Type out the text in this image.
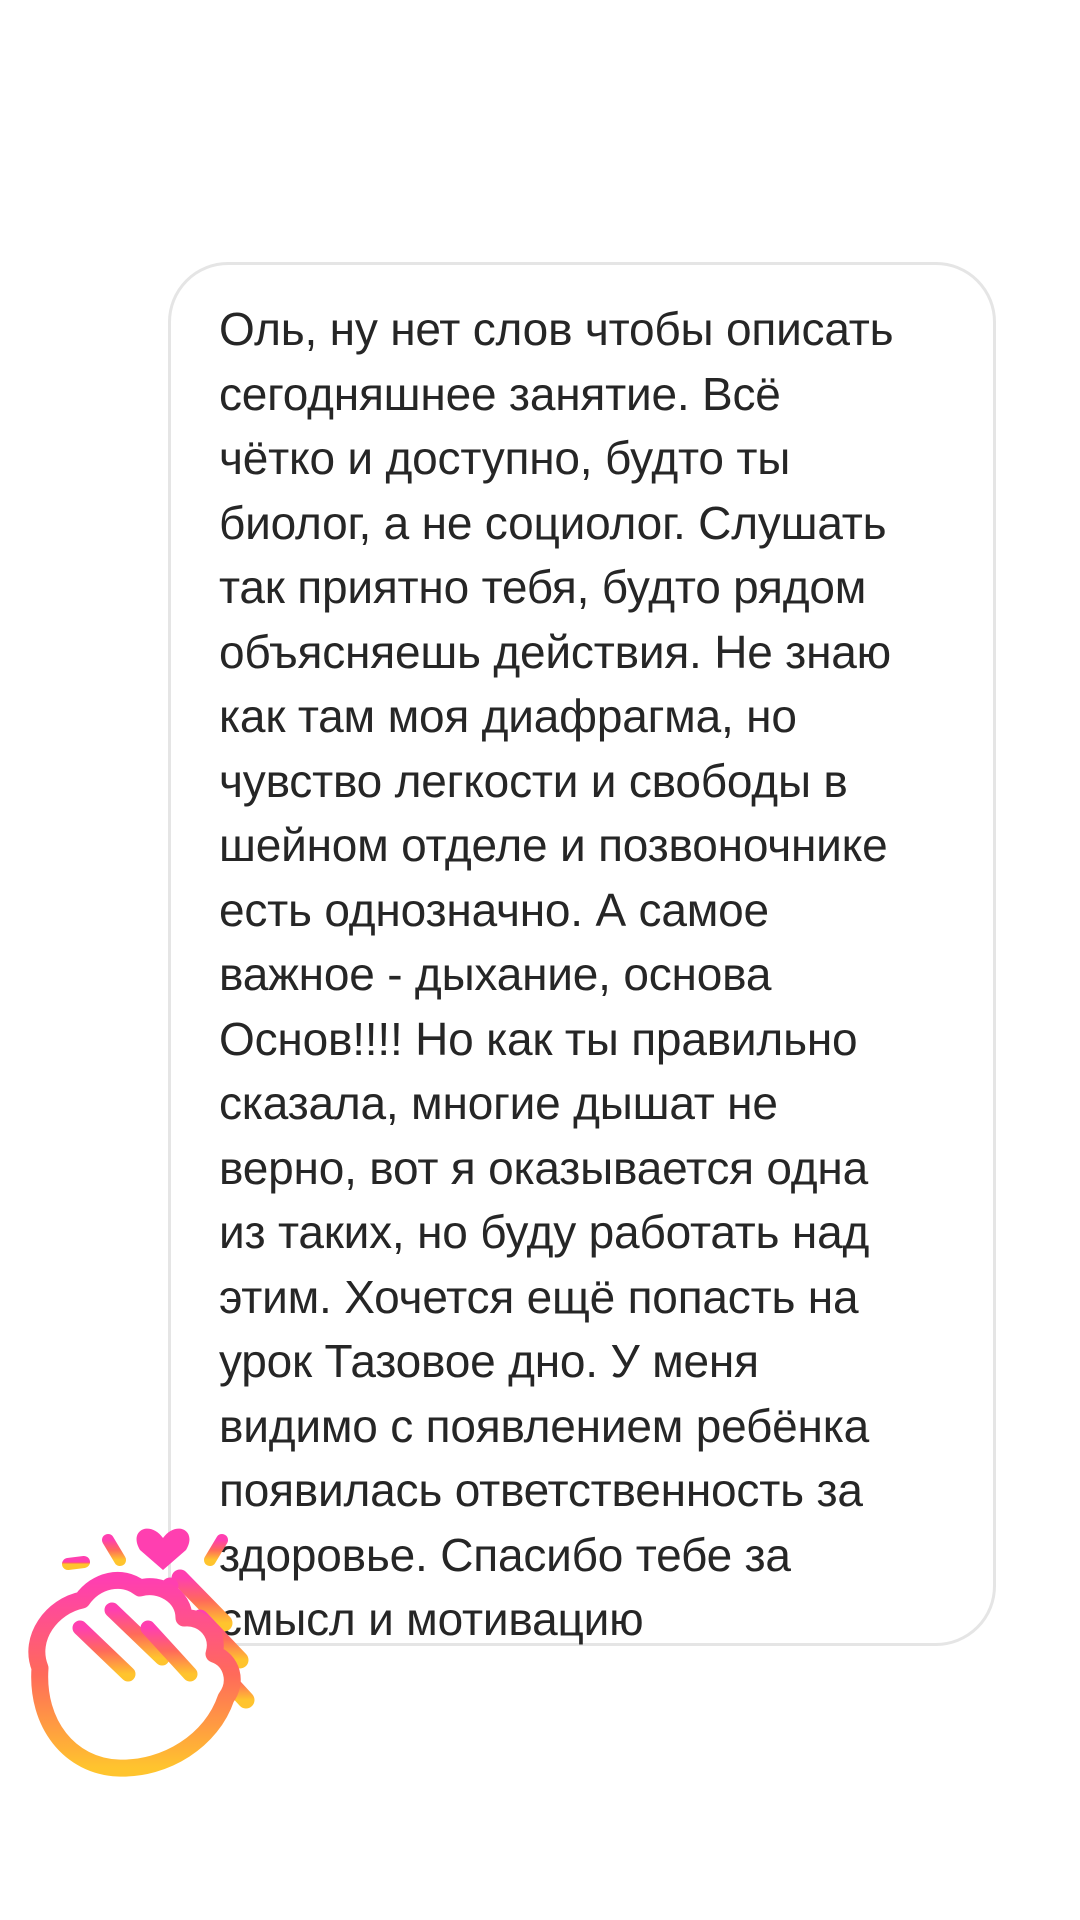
Оль, ну нет слов чтобы описать
сегодняшнее занятие. Всё
чётко и доступно, будто ты
биолог, а не социолог. Слушать
так приятно тебя, будто рядом
объясняешь действия. Не знаю
как там моя диафрагма, но
чувство легкости и свободы в
шейном отделе и позвоночнике
есть однозначно. А самое
важное - дыхание, основа
Основ!!!! Но как ты правильно
сказала, многие дышат не
верно, вот я оказывается одна
из таких, но буду работать над
этим. Хочется ещё попасть на
урок Тазовое дно. У меня
видимо с появлением ребёнка
появилась ответственность за
здоровье. Спасибо тебе за
смысл и мотивацию
